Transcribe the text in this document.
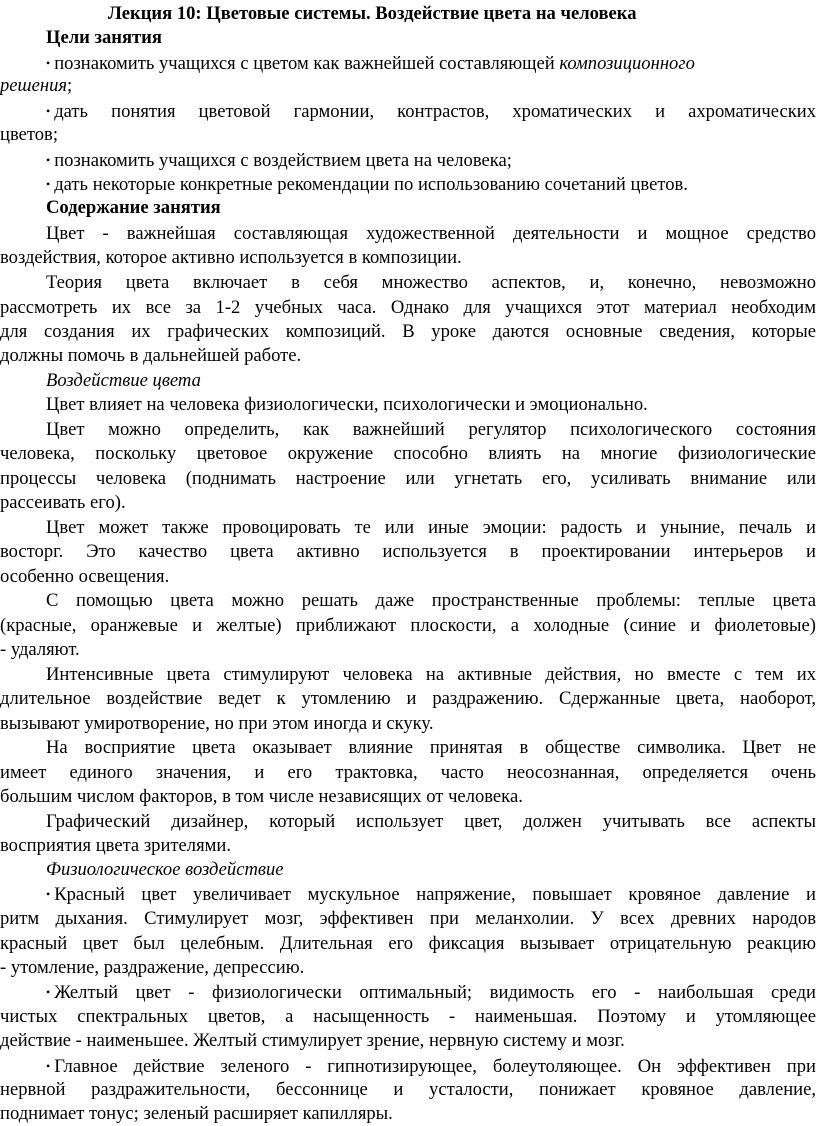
Лекция 10: Цветовые системы. Воздействие цвета на человека
Цели занятия
• познакомить учащихся с цветом как важнейшей составляющей композиционного
решения;
• дать понятия цветовой гармонии, контрастов, хроматических и ахроматических
цветов;
• познакомить учащихся с воздействием цвета на человека;
• дать некоторые конкретные рекомендации по использованию сочетаний цветов.
Содержание занятия
Цвет - важнейшая составляющая художественной деятельности и мощное средство
воздействия, которое активно используется в композиции.
Теория цвета включает в себя множество аспектов, и, конечно, невозможно
рассмотреть их все за 1-2 учебных часа. Однако для учащихся этот материал необходим
для создания их графических композиций. В уроке даются основные сведения, которые
должны помочь в дальнейшей работе.
Воздействие цвета
Цвет влияет на человека физиологически, психологически и эмоционально.
Цвет можно определить, как важнейший регулятор психологического состояния
человека, поскольку цветовое окружение способно влиять на многие физиологические
процессы человека (поднимать настроение или угнетать его, усиливать внимание или
рассеивать его).
Цвет может также провоцировать те или иные эмоции: радость и уныние, печаль и
восторг. Это качество цвета активно используется в проектировании интерьеров и
особенно освещения.
С помощью цвета можно решать даже пространственные проблемы: теплые цвета
(красные, оранжевые и желтые) приближают плоскости, а холодные (синие и фиолетовые)
- удаляют.
Интенсивные цвета стимулируют человека на активные действия, но вместе с тем их
длительное воздействие ведет к утомлению и раздражению. Сдержанные цвета, наоборот,
вызывают умиротворение, но при этом иногда и скуку.
На восприятие цвета оказывает влияние принятая в обществе символика. Цвет не
имеет единого значения, и его трактовка, часто неосознанная, определяется очень
большим числом факторов, в том числе независящих от человека.
Графический дизайнер, который использует цвет, должен учитывать все аспекты
восприятия цвета зрителями.
Физиологическое воздействие
• Красный цвет увеличивает мускульное напряжение, повышает кровяное давление и
ритм дыхания. Стимулирует мозг, эффективен при меланхолии. У всех древних народов
красный цвет был целебным. Длительная его фиксация вызывает отрицательную реакцию
- утомление, раздражение, депрессию.
• Желтый цвет - физиологически оптимальный; видимость его - наибольшая среди
чистых спектральных цветов, а насыщенность - наименьшая. Поэтому и утомляющее
действие - наименьшее. Желтый стимулирует зрение, нервную систему и мозг.
• Главное действие зеленого - гипнотизирующее, болеутоляющее. Он эффективен при
нервной раздражительности, бессоннице и усталости, понижает кровяное давление,
поднимает тонус; зеленый расширяет капилляры.
